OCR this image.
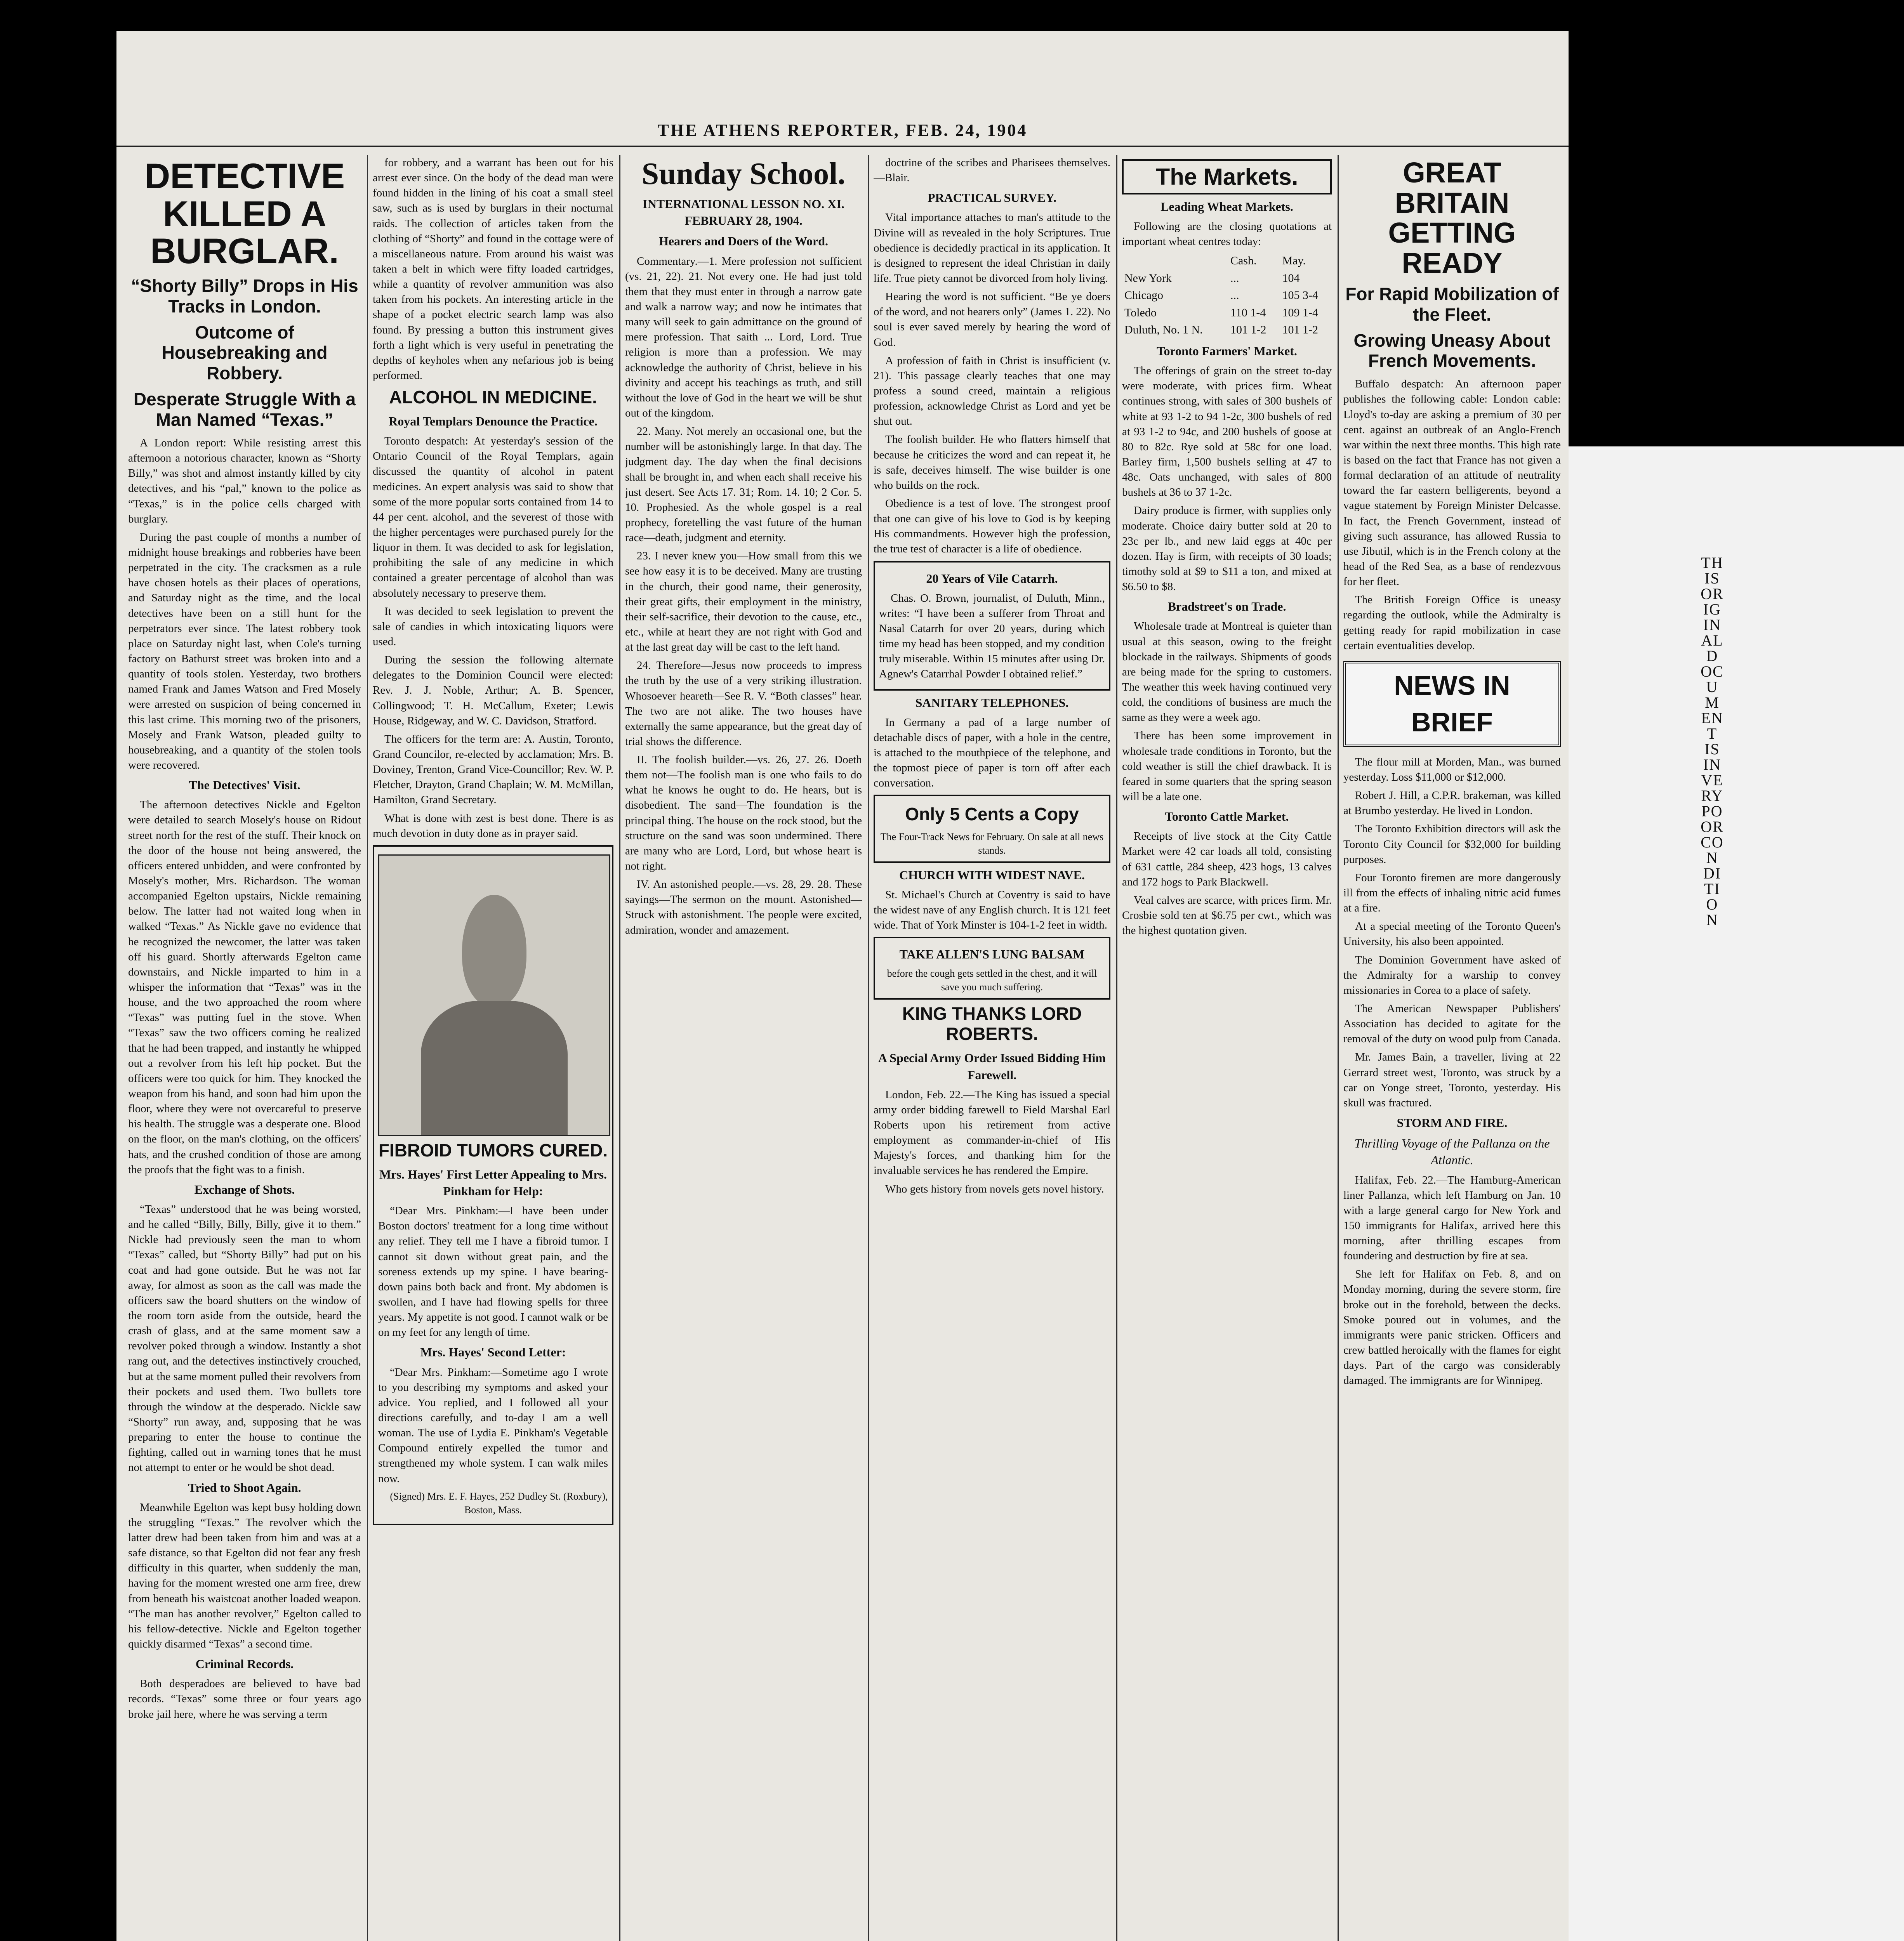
THIS ORIGINAL DOCUMENT IS IN VERY POOR CONDITION
THE ATHENS REPORTER, FEB. 24, 1904
DETECTIVE KILLED A BURGLAR.
“Shorty Billy” Drops in His Tracks in London.
Outcome of Housebreaking and Robbery.
Desperate Struggle With a Man Named “Texas.”

A London report: While resisting arrest this afternoon a notorious character, known as “Shorty Billy,” was shot and almost instantly killed by city detectives, and his “pal,” known to the police as “Texas,” is in the police cells charged with burglary.

During the past couple of months a number of midnight house breakings and robberies have been perpetrated in the city. The cracksmen as a rule have chosen hotels as their places of operations, and Saturday night as the time, and the local detectives have been on a still hunt for the perpetrators ever since. The latest robbery took place on Saturday night last, when Cole's turning factory on Bathurst street was broken into and a quantity of tools stolen. Yesterday, two brothers named Frank and James Watson and Fred Mosely were arrested on suspicion of being concerned in this last crime. This morning two of the prisoners, Mosely and Frank Watson, pleaded guilty to housebreaking, and a quantity of the stolen tools were recovered.

The Detectives' Visit.

The afternoon detectives Nickle and Egelton were detailed to search Mosely's house on Ridout street north for the rest of the stuff. Their knock on the door of the house not being answered, the officers entered unbidden, and were confronted by Mosely's mother, Mrs. Richardson. The woman accompanied Egelton upstairs, Nickle remaining below. The latter had not waited long when in walked “Texas.” As Nickle gave no evidence that he recognized the newcomer, the latter was taken off his guard. Shortly afterwards Egelton came downstairs, and Nickle imparted to him in a whisper the information that “Texas” was in the house, and the two approached the room where “Texas” was putting fuel in the stove. When “Texas” saw the two officers coming he realized that he had been trapped, and instantly he whipped out a revolver from his left hip pocket. But the officers were too quick for him. They knocked the weapon from his hand, and soon had him upon the floor, where they were not overcareful to preserve his health. The struggle was a desperate one. Blood on the floor, on the man's clothing, on the officers' hats, and the crushed condition of those are among the proofs that the fight was to a finish.

Exchange of Shots.

“Texas” understood that he was being worsted, and he called “Billy, Billy, Billy, give it to them.” Nickle had previously seen the man to whom “Texas” called, but “Shorty Billy” had put on his coat and had gone outside. But he was not far away, for almost as soon as the call was made the officers saw the board shutters on the window of the room torn aside from the outside, heard the crash of glass, and at the same moment saw a revolver poked through a window. Instantly a shot rang out, and the detectives instinctively crouched, but at the same moment pulled their revolvers from their pockets and used them. Two bullets tore through the window at the desperado. Nickle saw “Shorty” run away, and, supposing that he was preparing to enter the house to continue the fighting, called out in warning tones that he must not attempt to enter or he would be shot dead.

Tried to Shoot Again.

Meanwhile Egelton was kept busy holding down the struggling “Texas.” The revolver which the latter drew had been taken from him and was at a safe distance, so that Egelton did not fear any fresh difficulty in this quarter, when suddenly the man, having for the moment wrested one arm free, drew from beneath his waistcoat another loaded weapon. “The man has another revolver,” Egelton called to his fellow-detective. Nickle and Egelton together quickly disarmed “Texas” a second time.

Criminal Records.

Both desperadoes are believed to have bad records. “Texas” some three or four years ago broke jail here, where he was serving a term

for robbery, and a warrant has been out for his arrest ever since. On the body of the dead man were found hidden in the lining of his coat a small steel saw, such as is used by burglars in their nocturnal raids. The collection of articles taken from the clothing of “Shorty” and found in the cottage were of a miscellaneous nature. From around his waist was taken a belt in which were fifty loaded cartridges, while a quantity of revolver ammunition was also taken from his pockets. An interesting article in the shape of a pocket electric search lamp was also found. By pressing a button this instrument gives forth a light which is very useful in penetrating the depths of keyholes when any nefarious job is being performed.

ALCOHOL IN MEDICINE.
Royal Templars Denounce the Practice.

Toronto despatch: At yesterday's session of the Ontario Council of the Royal Templars, again discussed the quantity of alcohol in patent medicines. An expert analysis was said to show that some of the more popular sorts contained from 14 to 44 per cent. alcohol, and the severest of those with the higher percentages were purchased purely for the liquor in them. It was decided to ask for legislation, prohibiting the sale of any medicine in which contained a greater percentage of alcohol than was absolutely necessary to preserve them.

It was decided to seek legislation to prevent the sale of candies in which intoxicating liquors were used.

During the session the following alternate delegates to the Dominion Council were elected: Rev. J. J. Noble, Arthur; A. B. Spencer, Collingwood; T. H. McCallum, Exeter; Lewis House, Ridgeway, and W. C. Davidson, Stratford.

The officers for the term are: A. Austin, Toronto, Grand Councilor, re-elected by acclamation; Mrs. B. Doviney, Trenton, Grand Vice-Councillor; Rev. W. P. Fletcher, Drayton, Grand Chaplain; W. M. McMillan, Hamilton, Grand Secretary.

What is done with zest is best done. There is as much devotion in duty done as in prayer said.

FIBROID TUMORS CURED.
Mrs. Hayes' First Letter Appealing to Mrs. Pinkham for Help:

“Dear Mrs. Pinkham:—I have been under Boston doctors' treatment for a long time without any relief. They tell me I have a fibroid tumor. I cannot sit down without great pain, and the soreness extends up my spine. I have bearing-down pains both back and front. My abdomen is swollen, and I have had flowing spells for three years. My appetite is not good. I cannot walk or be on my feet for any length of time.

Mrs. Hayes' Second Letter:

“Dear Mrs. Pinkham:—Sometime ago I wrote to you describing my symptoms and asked your advice. You replied, and I followed all your directions carefully, and to-day I am a well woman. The use of Lydia E. Pinkham's Vegetable Compound entirely expelled the tumor and strengthened my whole system. I can walk miles now.

(Signed) Mrs. E. F. Hayes, 252 Dudley St. (Roxbury), Boston, Mass.

Sunday School.
INTERNATIONAL LESSON NO. XI. FEBRUARY 28, 1904.
Hearers and Doers of the Word.

Commentary.—1. Mere profession not sufficient (vs. 21, 22). 21. Not every one. He had just told them that they must enter in through a narrow gate and walk a narrow way; and now he intimates that many will seek to gain admittance on the ground of mere profession. That saith ... Lord, Lord. True religion is more than a profession. We may acknowledge the authority of Christ, believe in his divinity and accept his teachings as truth, and still without the love of God in the heart we will be shut out of the kingdom.

22. Many. Not merely an occasional one, but the number will be astonishingly large. In that day. The judgment day. The day when the final decisions shall be brought in, and when each shall receive his just desert. See Acts 17. 31; Rom. 14. 10; 2 Cor. 5. 10. Prophesied. As the whole gospel is a real prophecy, foretelling the vast future of the human race—death, judgment and eternity.

23. I never knew you—How small from this we see how easy it is to be deceived. Many are trusting in the church, their good name, their generosity, their great gifts, their employment in the ministry, their self-sacrifice, their devotion to the cause, etc., etc., while at heart they are not right with God and at the last great day will be cast to the left hand.

24. Therefore—Jesus now proceeds to impress the truth by the use of a very striking illustration. Whosoever heareth—See R. V. “Both classes” hear. The two are not alike. The two houses have externally the same appearance, but the great day of trial shows the difference.

II. The foolish builder.—vs. 26, 27. 26. Doeth them not—The foolish man is one who fails to do what he knows he ought to do. He hears, but is disobedient. The sand—The foundation is the principal thing. The house on the rock stood, but the structure on the sand was soon undermined. There are many who are Lord, Lord, but whose heart is not right.

IV. An astonished people.—vs. 28, 29. 28. These sayings—The sermon on the mount. Astonished—Struck with astonishment. The people were excited, admiration, wonder and amazement.

doctrine of the scribes and Pharisees themselves.—Blair.

PRACTICAL SURVEY.

Vital importance attaches to man's attitude to the Divine will as revealed in the holy Scriptures. True obedience is decidedly practical in its application. It is designed to represent the ideal Christian in daily life. True piety cannot be divorced from holy living.

Hearing the word is not sufficient. “Be ye doers of the word, and not hearers only” (James 1. 22). No soul is ever saved merely by hearing the word of God.

A profession of faith in Christ is insufficient (v. 21). This passage clearly teaches that one may profess a sound creed, maintain a religious profession, acknowledge Christ as Lord and yet be shut out.

The foolish builder. He who flatters himself that because he criticizes the word and can repeat it, he is safe, deceives himself. The wise builder is one who builds on the rock.

Obedience is a test of love. The strongest proof that one can give of his love to God is by keeping His commandments. However high the profession, the true test of character is a life of obedience.

20 Years of Vile Catarrh.

Chas. O. Brown, journalist, of Duluth, Minn., writes: “I have been a sufferer from Throat and Nasal Catarrh for over 20 years, during which time my head has been stopped, and my condition truly miserable. Within 15 minutes after using Dr. Agnew's Catarrhal Powder I obtained relief.”

SANITARY TELEPHONES.

In Germany a pad of a large number of detachable discs of paper, with a hole in the centre, is attached to the mouthpiece of the telephone, and the topmost piece of paper is torn off after each conversation.

Only 5 Cents a Copy
The Four-Track News for February. On sale at all news stands.
CHURCH WITH WIDEST NAVE.

St. Michael's Church at Coventry is said to have the widest nave of any English church. It is 121 feet wide. That of York Minster is 104-1-2 feet in width.

TAKE ALLEN'S LUNG BALSAM
before the cough gets settled in the chest, and it will save you much suffering.
KING THANKS LORD ROBERTS.
A Special Army Order Issued Bidding Him Farewell.

London, Feb. 22.—The King has issued a special army order bidding farewell to Field Marshal Earl Roberts upon his retirement from active employment as commander-in-chief of His Majesty's forces, and thanking him for the invaluable services he has rendered the Empire.

Who gets history from novels gets novel history.

The Markets.
Leading Wheat Markets.

Following are the closing quotations at important wheat centres today:

	Cash.	May.
New York	...	104
Chicago	...	105 3-4
Toledo	110 1-4	109 1-4
Duluth, No. 1 N.	101 1-2	101 1-2
Toronto Farmers' Market.

The offerings of grain on the street to-day were moderate, with prices firm. Wheat continues strong, with sales of 300 bushels of white at 93 1-2 to 94 1-2c, 300 bushels of red at 93 1-2 to 94c, and 200 bushels of goose at 80 to 82c. Rye sold at 58c for one load. Barley firm, 1,500 bushels selling at 47 to 48c. Oats unchanged, with sales of 800 bushels at 36 to 37 1-2c.

Dairy produce is firmer, with supplies only moderate. Choice dairy butter sold at 20 to 23c per lb., and new laid eggs at 40c per dozen. Hay is firm, with receipts of 30 loads; timothy sold at $9 to $11 a ton, and mixed at $6.50 to $8.

Bradstreet's on Trade.

Wholesale trade at Montreal is quieter than usual at this season, owing to the freight blockade in the railways. Shipments of goods are being made for the spring to customers. The weather this week having continued very cold, the conditions of business are much the same as they were a week ago.

There has been some improvement in wholesale trade conditions in Toronto, but the cold weather is still the chief drawback. It is feared in some quarters that the spring season will be a late one.

Toronto Cattle Market.

Receipts of live stock at the City Cattle Market were 42 car loads all told, consisting of 631 cattle, 284 sheep, 423 hogs, 13 calves and 172 hogs to Park Blackwell.

Veal calves are scarce, with prices firm. Mr. Crosbie sold ten at $6.75 per cwt., which was the highest quotation given.

GREAT BRITAIN GETTING READY
For Rapid Mobilization of the Fleet.
Growing Uneasy About French Movements.

Buffalo despatch: An afternoon paper publishes the following cable: London cable: Lloyd's to-day are asking a premium of 30 per cent. against an outbreak of an Anglo-French war within the next three months. This high rate is based on the fact that France has not given a formal declaration of an attitude of neutrality toward the far eastern belligerents, beyond a vague statement by Foreign Minister Delcasse. In fact, the French Government, instead of giving such assurance, has allowed Russia to use Jibutil, which is in the French colony at the head of the Red Sea, as a base of rendezvous for her fleet.

The British Foreign Office is uneasy regarding the outlook, while the Admiralty is getting ready for rapid mobilization in case certain eventualities develop.

NEWS IN BRIEF

The flour mill at Morden, Man., was burned yesterday. Loss $11,000 or $12,000.

Robert J. Hill, a C.P.R. brakeman, was killed at Brumbo yesterday. He lived in London.

The Toronto Exhibition directors will ask the Toronto City Council for $32,000 for building purposes.

Four Toronto firemen are more dangerously ill from the effects of inhaling nitric acid fumes at a fire.

At a special meeting of the Toronto Queen's University, his also been appointed.

The Dominion Government have asked of the Admiralty for a warship to convey missionaries in Corea to a place of safety.

The American Newspaper Publishers' Association has decided to agitate for the removal of the duty on wood pulp from Canada.

Mr. James Bain, a traveller, living at 22 Gerrard street west, Toronto, was struck by a car on Yonge street, Toronto, yesterday. His skull was fractured.

STORM AND FIRE.
Thrilling Voyage of the Pallanza on the Atlantic.

Halifax, Feb. 22.—The Hamburg-American liner Pallanza, which left Hamburg on Jan. 10 with a large general cargo for New York and 150 immigrants for Halifax, arrived here this morning, after thrilling escapes from foundering and destruction by fire at sea.

She left for Halifax on Feb. 8, and on Monday morning, during the severe storm, fire broke out in the forehold, between the decks. Smoke poured out in volumes, and the immigrants were panic stricken. Officers and crew battled heroically with the flames for eight days. Part of the cargo was considerably damaged. The immigrants are for Winnipeg.
